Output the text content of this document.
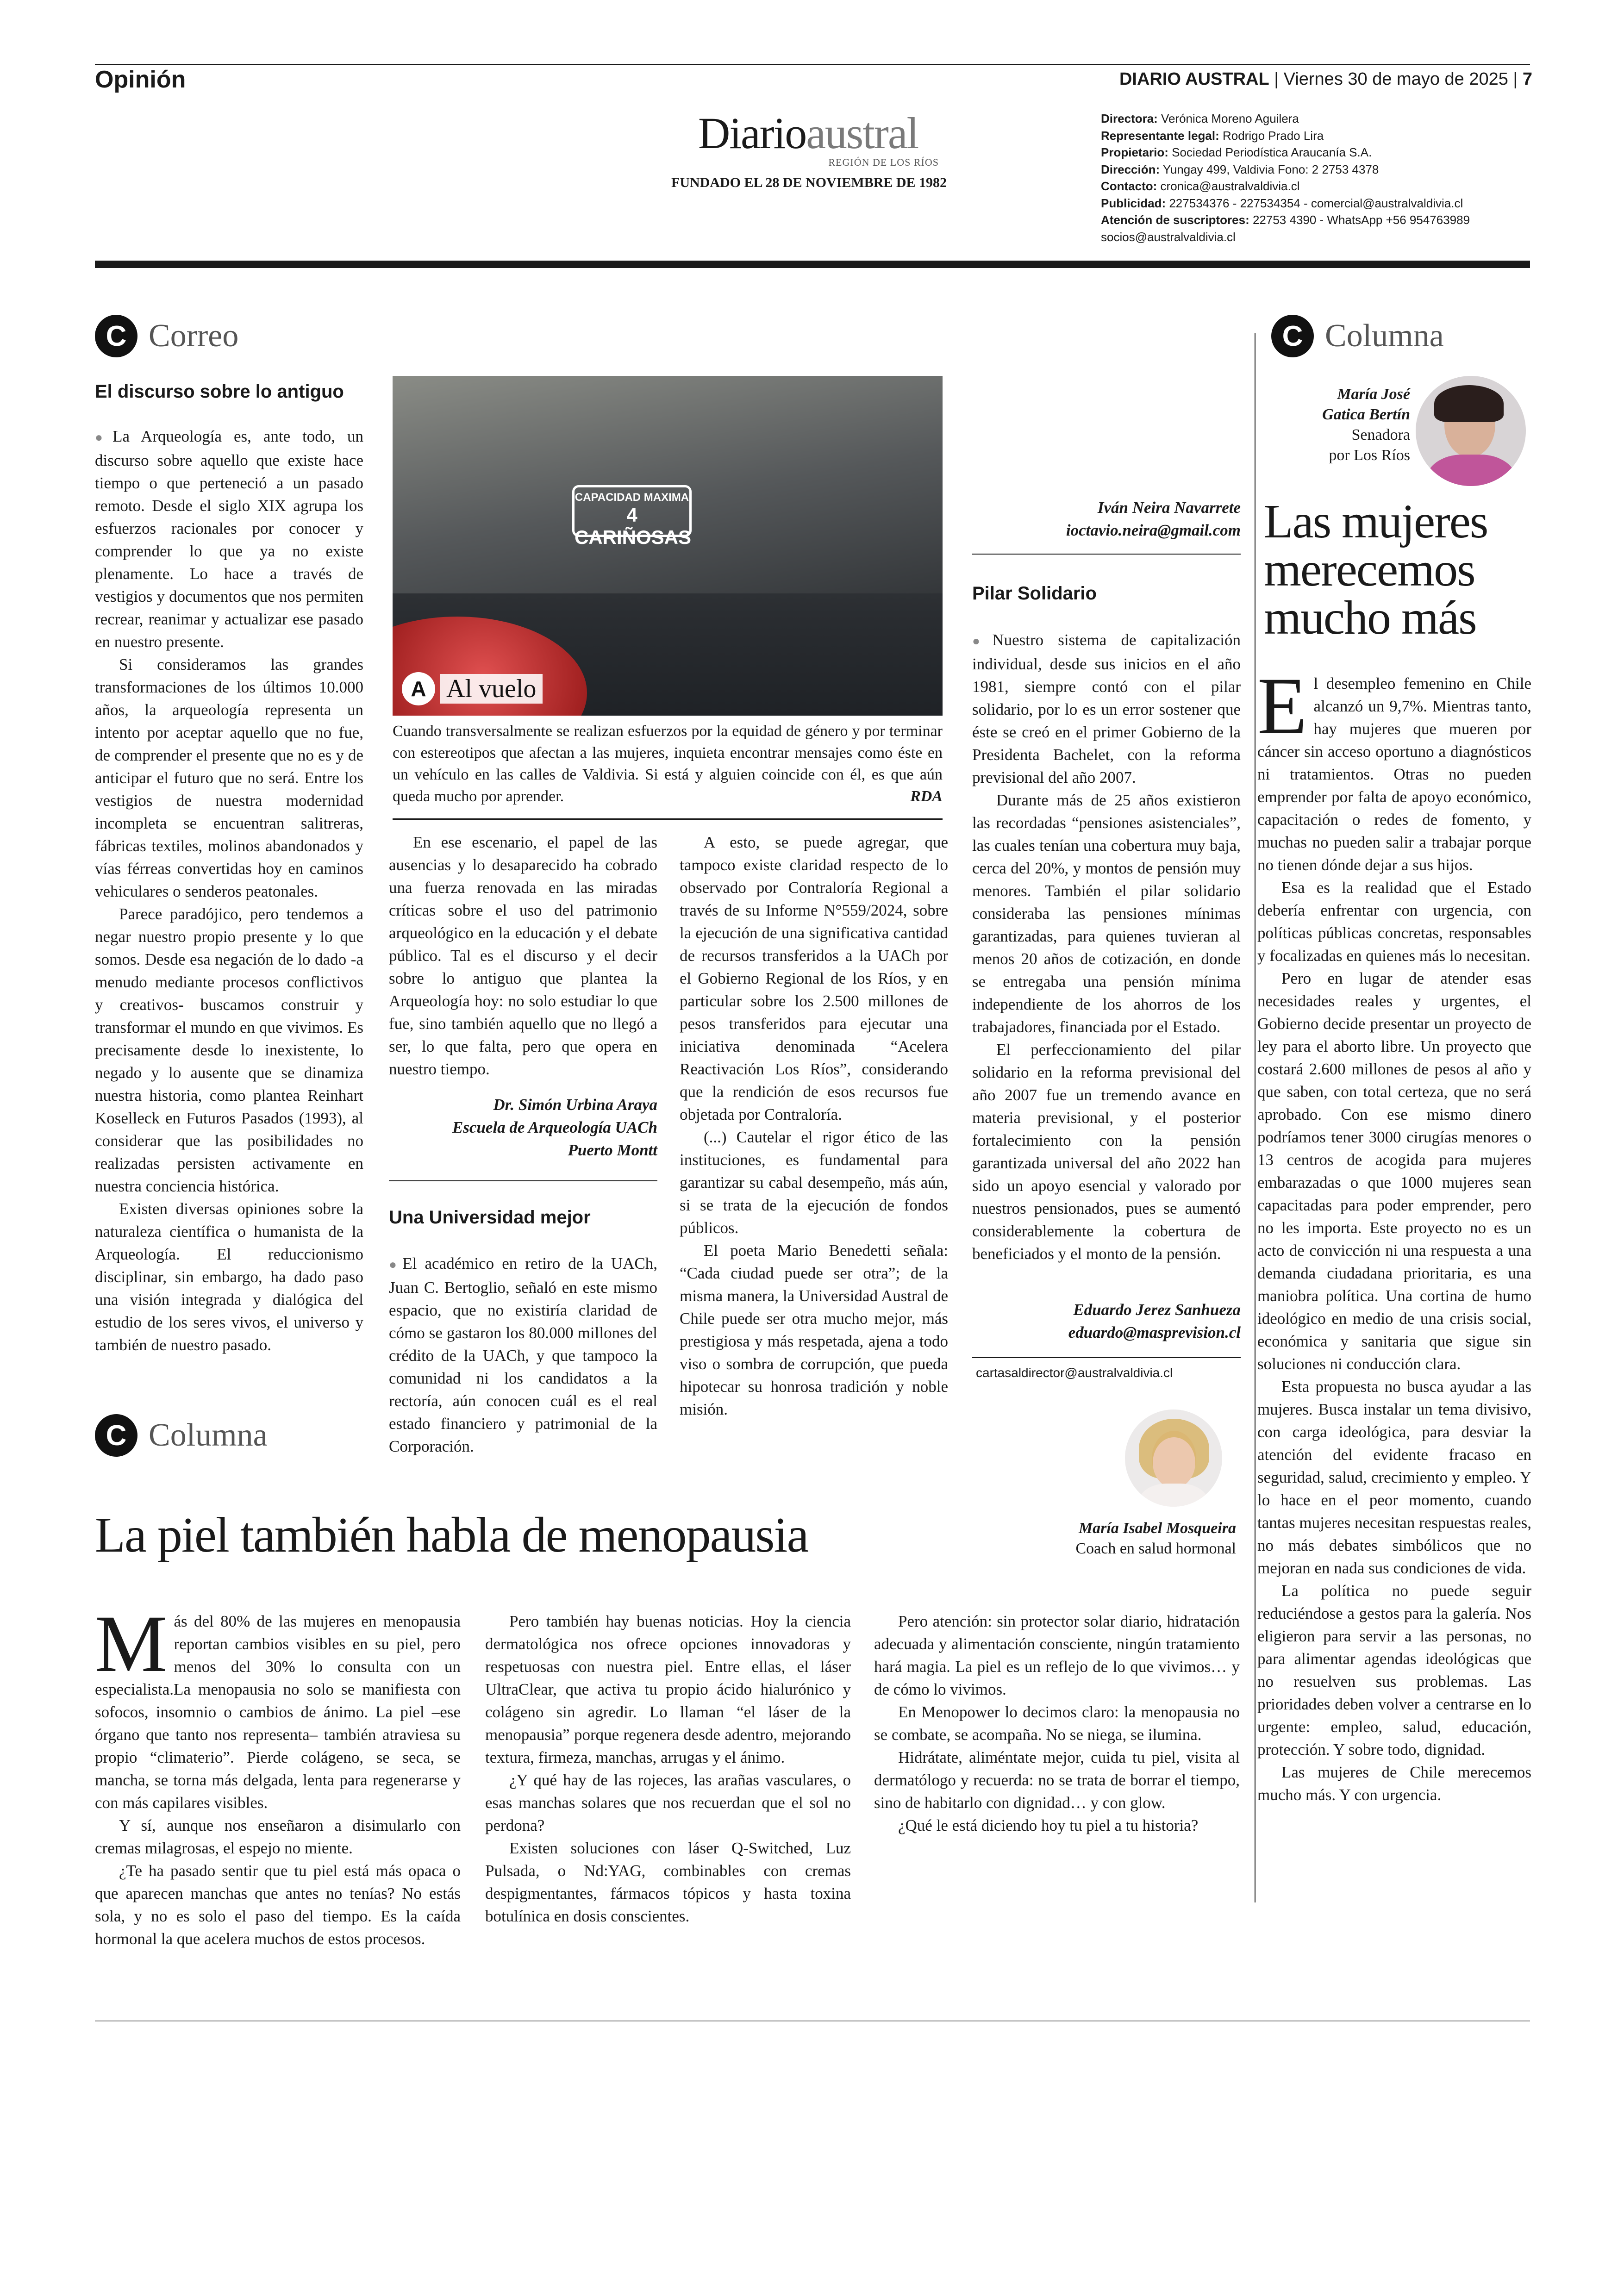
Opinión	DIARIO AUSTRAL | Viernes 30 de mayo de 2025 | 7
Diarioaustral
REGIÓN DE LOS RÍOS
FUNDADO EL 28 DE NOVIEMBRE DE 1982
Directora: Verónica Moreno Aguilera
Representante legal: Rodrigo Prado Lira
Propietario: Sociedad Periodística Araucanía S.A.
Dirección: Yungay 499, Valdivia Fono: 2 2753 4378
Contacto: cronica@australvaldivia.cl
Publicidad: 227534376 - 227534354 - comercial@australvaldivia.cl
Atención de suscriptores: 22753 4390 - WhatsApp +56 954763989
socios@australvaldivia.cl
C Correo
El discurso sobre lo antiguo

● La Arqueología es, ante todo, un discurso sobre aquello que existe hace tiempo o que perteneció a un pasado remoto. Desde el siglo XIX agrupa los esfuerzos racionales por conocer y comprender lo que ya no existe plenamente. Lo hace a través de vestigios y documentos que nos permiten recrear, reanimar y actualizar ese pasado en nuestro presente.

Si consideramos las grandes transformaciones de los últimos 10.000 años, la arqueología representa un intento por aceptar aquello que no fue, de comprender el presente que no es y de anticipar el futuro que no será. Entre los vestigios de nuestra modernidad incompleta se encuentran salitreras, fábricas textiles, molinos abandonados y vías férreas convertidas hoy en caminos vehiculares o senderos peatonales.

Parece paradójico, pero tendemos a negar nuestro propio presente y lo que somos. Desde esa negación de lo dado -a menudo mediante procesos conflictivos y creativos- buscamos construir y transformar el mundo en que vivimos. Es precisamente desde lo inexistente, lo negado y lo ausente que se dinamiza nuestra historia, como plantea Reinhart Koselleck en Futuros Pasados (1993), al considerar que las posibilidades no realizadas persisten activamente en nuestra conciencia histórica.

Existen diversas opiniones sobre la naturaleza científica o humanista de la Arqueología. El reduccionismo disciplinar, sin embargo, ha dado paso una visión integrada y dialógica del estudio de los seres vivos, el universo y también de nuestro pasado.

CAPACIDAD MAXIMA
4 CARIÑOSAS
A Al vuelo
Cuando transversalmente se realizan esfuerzos por la equidad de género y por terminar con estereotipos que afectan a las mujeres, inquieta encontrar mensajes como éste en un vehículo en las calles de Valdivia. Si está y alguien coincide con él, es que aún queda mucho por aprender.	RDA

En ese escenario, el papel de las ausencias y lo desaparecido ha cobrado una fuerza renovada en las miradas críticas sobre el uso del patrimonio arqueológico en la educación y el debate público. Tal es el discurso y el decir sobre lo antiguo que plantea la Arqueología hoy: no solo estudiar lo que fue, sino también aquello que no llegó a ser, lo que falta, pero que opera en nuestro tiempo.

Dr. Simón Urbina Araya
Escuela de Arqueología UACh
Puerto Montt
Una Universidad mejor

● El académico en retiro de la UACh, Juan C. Bertoglio, señaló en este mismo espacio, que no existiría claridad de cómo se gastaron los 80.000 millones del crédito de la UACh, y que tampoco la comunidad ni los candidatos a la rectoría, aún conocen cuál es el real estado financiero y patrimonial de la Corporación.

A esto, se puede agregar, que tampoco existe claridad respecto de lo observado por Contraloría Regional a través de su Informe N°559/2024, sobre la ejecución de una significativa cantidad de recursos transferidos a la UACh por el Gobierno Regional de los Ríos, y en particular sobre los 2.500 millones de pesos transferidos para ejecutar una iniciativa denominada “Acelera Reactivación Los Ríos”, considerando que la rendición de esos recursos fue objetada por Contraloría.

(...) Cautelar el rigor ético de las instituciones, es fundamental para garantizar su cabal desempeño, más aún, si se trata de la ejecución de fondos públicos.

El poeta Mario Benedetti señala: “Cada ciudad puede ser otra”; de la misma manera, la Universidad Austral de Chile puede ser otra mucho mejor, más prestigiosa y más respetada, ajena a todo viso o sombra de corrupción, que pueda hipotecar su honrosa tradición y noble misión.

Iván Neira Navarrete
ioctavio.neira@gmail.com
Pilar Solidario

● Nuestro sistema de capitalización individual, desde sus inicios en el año 1981, siempre contó con el pilar solidario, por lo es un error sostener que éste se creó en el primer Gobierno de la Presidenta Bachelet, con la reforma previsional del año 2007.

Durante más de 25 años existieron las recordadas “pensiones asistenciales”, las cuales tenían una cobertura muy baja, cerca del 20%, y montos de pensión muy menores. También el pilar solidario consideraba las pensiones mínimas garantizadas, para quienes tuvieran al menos 20 años de cotización, en donde se entregaba una pensión mínima independiente de los ahorros de los trabajadores, financiada por el Estado.

El perfeccionamiento del pilar solidario en la reforma previsional del año 2007 fue un tremendo avance en materia previsional, y el posterior fortalecimiento con la pensión garantizada universal del año 2022 han sido un apoyo esencial y valorado por nuestros pensionados, pues se aumentó considerablemente la cobertura de beneficiados y el monto de la pensión.

Eduardo Jerez Sanhueza
eduardo@masprevision.cl
cartasaldirector@australvaldivia.cl
C Columna
María José
Gatica Bertín
Senadora
por Los Ríos
Las mujeres
merecemos
mucho más

El desempleo femenino en Chile alcanzó un 9,7%. Mientras tanto, hay mujeres que mueren por cáncer sin acceso oportuno a diagnósticos ni tratamientos. Otras no pueden emprender por falta de apoyo económico, capacitación o redes de fomento, y muchas no pueden salir a trabajar porque no tienen dónde dejar a sus hijos.

Esa es la realidad que el Estado debería enfrentar con urgencia, con políticas públicas concretas, responsables y focalizadas en quienes más lo necesitan.

Pero en lugar de atender esas necesidades reales y urgentes, el Gobierno decide presentar un proyecto de ley para el aborto libre. Un proyecto que costará 2.600 millones de pesos al año y que saben, con total certeza, que no será aprobado. Con ese mismo dinero podríamos tener 3000 cirugías menores o 13 centros de acogida para mujeres embarazadas o que 1000 mujeres sean capacitadas para poder emprender, pero no les importa. Este proyecto no es un acto de convicción ni una respuesta a una demanda ciudadana prioritaria, es una maniobra política. Una cortina de humo ideológico en medio de una crisis social, económica y sanitaria que sigue sin soluciones ni conducción clara.

Esta propuesta no busca ayudar a las mujeres. Busca instalar un tema divisivo, con carga ideológica, para desviar la atención del evidente fracaso en seguridad, salud, crecimiento y empleo. Y lo hace en el peor momento, cuando tantas mujeres necesitan respuestas reales, no más debates simbólicos que no mejoran en nada sus condiciones de vida.

La política no puede seguir reduciéndose a gestos para la galería. Nos eligieron para servir a las personas, no para alimentar agendas ideológicas que no resuelven sus problemas. Las prioridades deben volver a centrarse en lo urgente: empleo, salud, educación, protección. Y sobre todo, dignidad.

Las mujeres de Chile merecemos mucho más. Y con urgencia.

C Columna
La piel también habla de menopausia	María Isabel Mosqueira
Coach en salud hormonal

Más del 80% de las mujeres en menopausia reportan cambios visibles en su piel, pero menos del 30% lo consulta con un especialista.La menopausia no solo se manifiesta con sofocos, insomnio o cambios de ánimo. La piel –ese órgano que tanto nos representa– también atraviesa su propio “climaterio”. Pierde colágeno, se seca, se mancha, se torna más delgada, lenta para regenerarse y con más capilares visibles.

Y sí, aunque nos enseñaron a disimularlo con cremas milagrosas, el espejo no miente.

¿Te ha pasado sentir que tu piel está más opaca o que aparecen manchas que antes no tenías? No estás sola, y no es solo el paso del tiempo. Es la caída hormonal la que acelera muchos de estos procesos.

Pero también hay buenas noticias. Hoy la ciencia dermatológica nos ofrece opciones innovadoras y respetuosas con nuestra piel. Entre ellas, el láser UltraClear, que activa tu propio ácido hialurónico y colágeno sin agredir. Lo llaman “el láser de la menopausia” porque regenera desde adentro, mejorando textura, firmeza, manchas, arrugas y el ánimo.

¿Y qué hay de las rojeces, las arañas vasculares, o esas manchas solares que nos recuerdan que el sol no perdona?

Existen soluciones con láser Q-Switched, Luz Pulsada, o Nd:YAG, combinables con cremas despigmentantes, fármacos tópicos y hasta toxina botulínica en dosis conscientes.

Pero atención: sin protector solar diario, hidratación adecuada y alimentación consciente, ningún tratamiento hará magia. La piel es un reflejo de lo que vivimos… y de cómo lo vivimos.

En Menopower lo decimos claro: la menopausia no se combate, se acompaña. No se niega, se ilumina.

Hidrátate, aliméntate mejor, cuida tu piel, visita al dermatólogo y recuerda: no se trata de borrar el tiempo, sino de habitarlo con dignidad… y con glow.

¿Qué le está diciendo hoy tu piel a tu historia?
